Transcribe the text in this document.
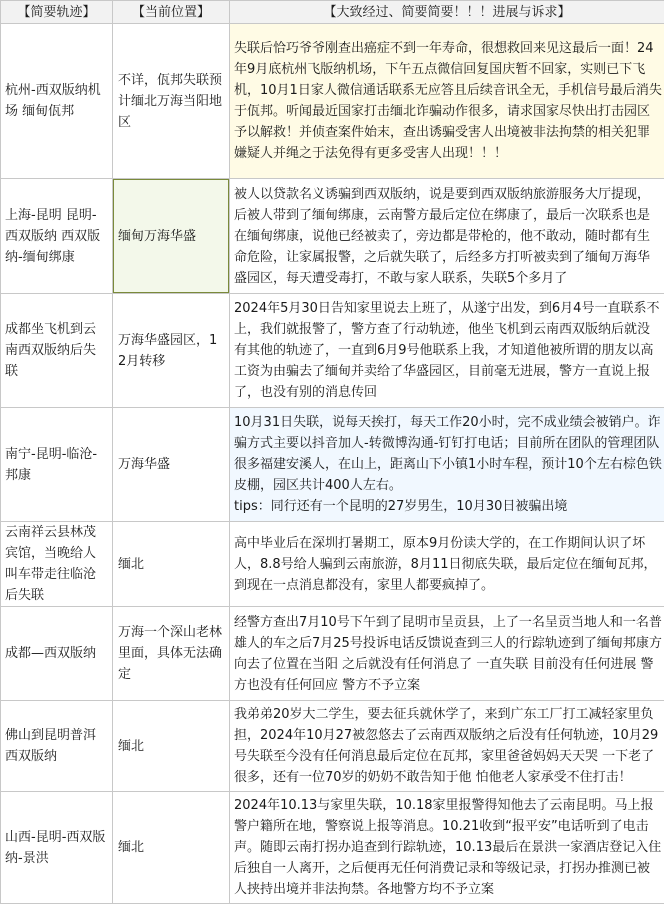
【简要轨迹】	【当前位置】	【大致经过、简要简要！！！进展与诉求】
杭州-西双版纳机场 缅甸佤邦	不详，佤邦失联预计缅北万海当阳地区	失联后恰巧爷爷刚查出癌症不到一年寿命，很想救回来见这最后一面！24年9月底杭州飞版纳机场，下午五点微信回复国庆暂不回家，实则已下飞机，10月1日家人微信通话联系无应答且后续音讯全无，手机信号最后消失于佤邦。听闻最近国家打击缅北诈骗动作很多，请求国家尽快出打击园区予以解救！并侦查案件始末，查出诱骗受害人出境被非法拘禁的相关犯罪嫌疑人并绳之于法免得有更多受害人出现！！！
上海-昆明 昆明-西双版纳 西双版纳-缅甸绑康	缅甸万海华盛	被人以贷款名义诱骗到西双版纳，说是要到西双版纳旅游服务大厅提现，后被人带到了缅甸绑康，云南警方最后定位在绑康了，最后一次联系也是在缅甸绑康，说他已经被卖了，旁边都是带枪的，他不敢动，随时都有生命危险，让家属报警，之后就失联了，后经多方打听被卖到了缅甸万海华盛园区，每天遭受毒打，不敢与家人联系，失联5个多月了
成都坐飞机到云南西双版纳后失联	万海华盛园区，12月转移	2024年5月30日告知家里说去上班了，从遂宁出发，到6月4号一直联系不上，我们就报警了，警方查了行动轨迹，他坐飞机到云南西双版纳后就没有其他的轨迹了，一直到6月9号他联系上我，才知道他被所谓的朋友以高工资为由骗去了缅甸并卖给了华盛园区，目前毫无进展，警方一直说上报了，也没有别的消息传回
南宁-昆明-临沧-邦康	万海华盛	10月31日失联，说每天挨打，每天工作20小时，完不成业绩会被销户。诈骗方式主要以抖音加人-转微博沟通-钉钉打电话；目前所在团队的管理团队很多福建安溪人，在山上，距离山下小镇1小时车程，预计10个左右棕色铁皮棚，园区共计400人左右。
tips：同行还有一个昆明的27岁男生，10月30日被骗出境

云南祥云县林茂宾馆，当晚给人叫车带走往临沧后失联	缅北	高中毕业后在深圳打暑期工，原本9月份读大学的，在工作期间认识了坏人，8.8号给人骗到云南旅游，8月11日彻底失联，最后定位在缅甸瓦邦，到现在一点消息都没有，家里人都要疯掉了。
成都—西双版纳	万海一个深山老林里面，具体无法确定	经警方查出7月10号下午到了昆明市呈贡县，上了一名呈贡当地人和一名普雄人的车之后7月25号投诉电话反馈说查到三人的行踪轨迹到了缅甸邦康方向去了位置在当阳 之后就没有任何消息了 一直失联 目前没有任何进展 警方也没有任何回应 警方不予立案
佛山到昆明普洱西双版纳	缅北	我弟弟20岁大二学生，要去征兵就休学了，来到广东工厂打工减轻家里负担，2024年10月27被忽悠去了云南西双版纳之后没有任何轨迹，10月29号失联至今没有任何消息最后定位在瓦邦，家里爸爸妈妈天天哭 一下老了很多，还有一位70岁的奶奶不敢告知于他 怕他老人家承受不住打击！
山西-昆明-西双版纳-景洪	缅北	2024年10.13与家里失联，10.18家里报警得知他去了云南昆明。马上报警户籍所在地，警察说上报等消息。10.21收到“报平安”电话听到了电击声。随即云南打拐办追查到行踪轨迹，10.13最后在景洪一家酒店登记入住后独自一人离开，之后便再无任何消费记录和等级记录，打拐办推测已被人挟持出境并非法拘禁。各地警方均不予立案
